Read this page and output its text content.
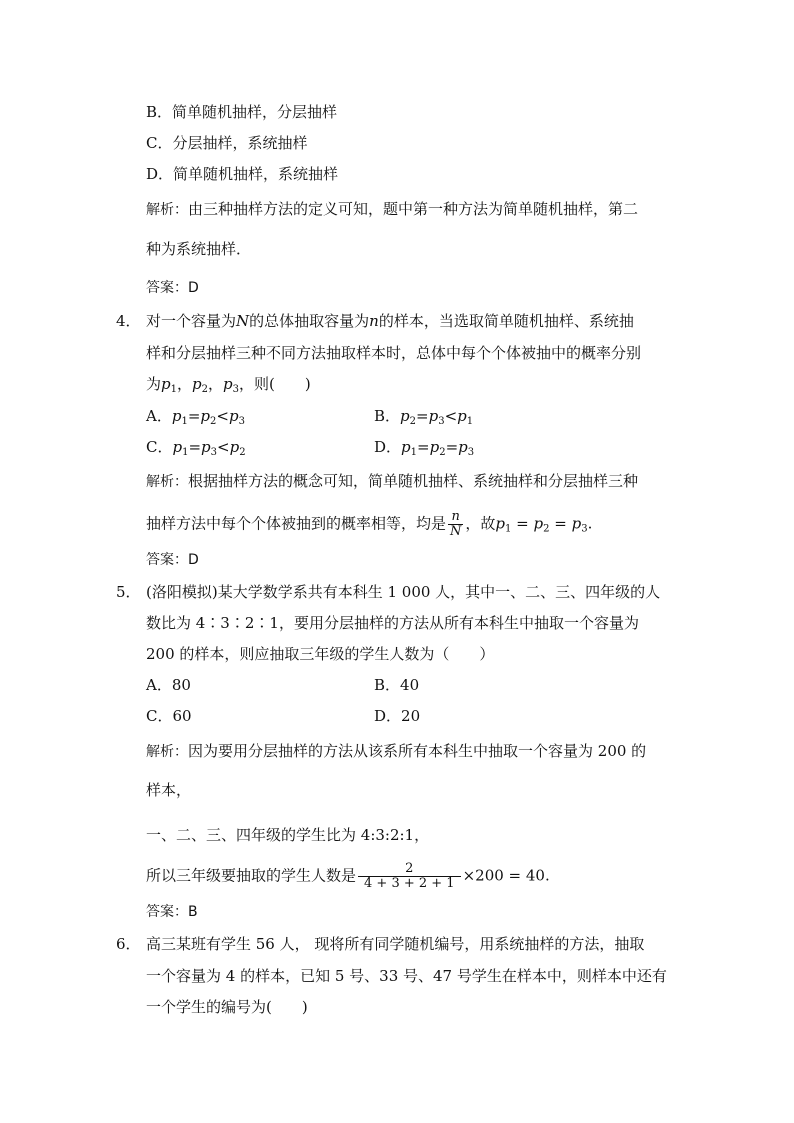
B．简单随机抽样，分层抽样
C．分层抽样，系统抽样
D．简单随机抽样，系统抽样
解析：由三种抽样方法的定义可知，题中第一种方法为简单随机抽样，第二
种为系统抽样．
答案：D
4． 对一个容量为N的总体抽取容量为n的样本，当选取简单随机抽样、系统抽
样和分层抽样三种不同方法抽取样本时，总体中每个个体被抽中的概率分别
为$p_1$，$p_2$，$p_3$，则(　　)
A．$p_1=p_2<p_3$	B．$p_2=p_3<p_1$
C．$p_1=p_3<p_2$	D．$p_1=p_2=p_3$
解析：根据抽样方法的概念可知，简单随机抽样、系统抽样和分层抽样三种
抽样方法中每个个体被抽到的概率相等，均是 $\frac{n}{N}$ ，故$p_1 = p_2 = p_3$.
答案：D
5． (洛阳模拟)某大学数学系共有本科生 1 000 人，其中一、二、三、四年级的人
数比为 4∶3∶2∶1，要用分层抽样的方法从所有本科生中抽取一个容量为
200 的样本，则应抽取三年级的学生人数为（　　）
A．80	B．40
C．60	D．20
解析：因为要用分层抽样的方法从该系所有本科生中抽取一个容量为 200 的
样本，
一、二、三、四年级的学生比为 4:3:2:1，
所以三年级要抽取的学生人数是 $\frac{2}{4 + 3 + 2 + 1} \times 200 = 40$.
答案：B
6． 高三某班有学生 56 人， 现将所有同学随机编号，用系统抽样的方法，抽取
一个容量为 4 的样本，已知 5 号、33 号、47 号学生在样本中，则样本中还有
一个学生的编号为(　　)
